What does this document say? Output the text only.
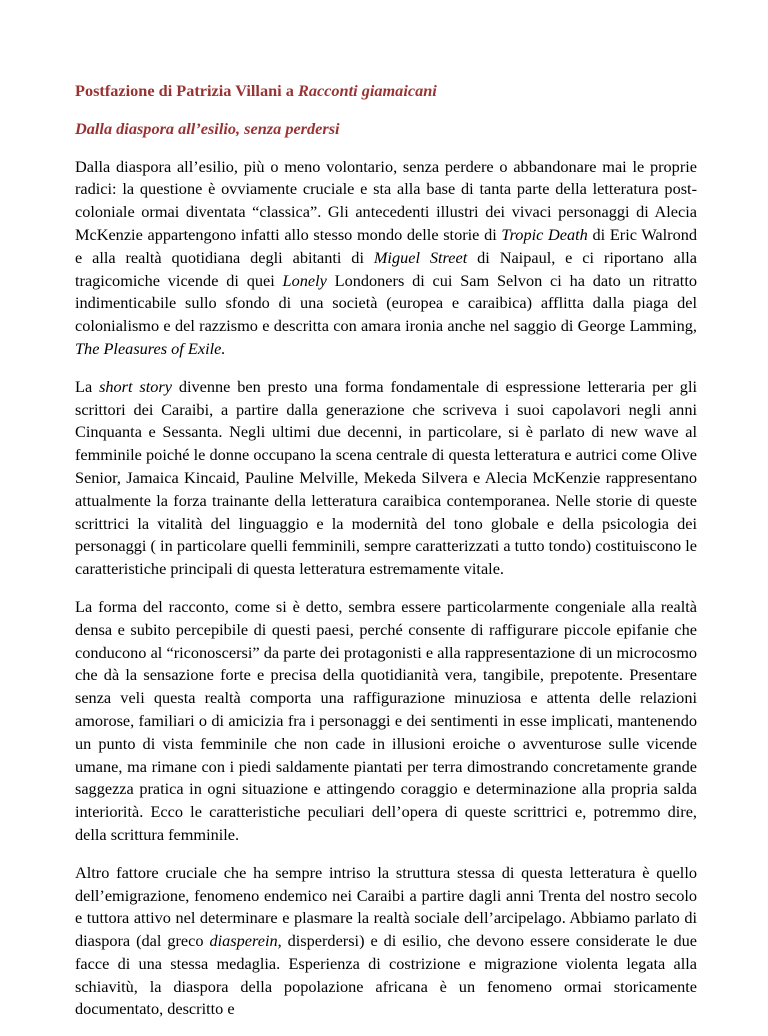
Postfazione di Patrizia Villani a Racconti giamaicani

Dalla diaspora all’esilio, senza perdersi

Dalla diaspora all’esilio, più o meno volontario, senza perdere o abbandonare mai le proprie radici: la questione è ovviamente cruciale e sta alla base di tanta parte della letteratura post-coloniale ormai diventata “classica”. Gli antecedenti illustri dei vivaci personaggi di Alecia McKenzie appartengono infatti allo stesso mondo delle storie di Tropic Death di Eric Walrond e alla realtà quotidiana degli abitanti di Miguel Street di Naipaul, e ci riportano alla tragicomiche vicende di quei Lonely Londoners di cui Sam Selvon ci ha dato un ritratto indimenticabile sullo sfondo di una società (europea e caraibica) afflitta dalla piaga del colonialismo e del razzismo e descritta con amara ironia anche nel saggio di George Lamming, The Pleasures of Exile.

La short story divenne ben presto una forma fondamentale di espressione letteraria per gli scrittori dei Caraibi, a partire dalla generazione che scriveva i suoi capolavori negli anni Cinquanta e Sessanta. Negli ultimi due decenni, in particolare, si è parlato di new wave al femminile poiché le donne occupano la scena centrale di questa letteratura e autrici come Olive Senior, Jamaica Kincaid, Pauline Melville, Mekeda Silvera e Alecia McKenzie rappresentano attualmente la forza trainante della letteratura caraibica contemporanea. Nelle storie di queste scrittrici la vitalità del linguaggio e la modernità del tono globale e della psicologia dei personaggi ( in particolare quelli femminili, sempre caratterizzati a tutto tondo) costituiscono le caratteristiche principali di questa letteratura estremamente vitale.

La forma del racconto, come si è detto, sembra essere particolarmente congeniale alla realtà densa e subito percepibile di questi paesi, perché consente di raffigurare piccole epifanie che conducono al “riconoscersi” da parte dei protagonisti e alla rappresentazione di un microcosmo che dà la sensazione forte e precisa della quotidianità vera, tangibile, prepotente. Presentare senza veli questa realtà comporta una raffigurazione minuziosa e attenta delle relazioni amorose, familiari o di amicizia fra i personaggi e dei sentimenti in esse implicati, mantenendo un punto di vista femminile che non cade in illusioni eroiche o avventurose sulle vicende umane, ma rimane con i piedi saldamente piantati per terra dimostrando concretamente grande saggezza pratica in ogni situazione e attingendo coraggio e determinazione alla propria salda interiorità. Ecco le caratteristiche peculiari dell’opera di queste scrittrici e, potremmo dire, della scrittura femminile.

Altro fattore cruciale che ha sempre intriso la struttura stessa di questa letteratura è quello dell’emigrazione, fenomeno endemico nei Caraibi a partire dagli anni Trenta del nostro secolo e tuttora attivo nel determinare e plasmare la realtà sociale dell’arcipelago. Abbiamo parlato di diaspora (dal greco diasperein, disperdersi) e di esilio, che devono essere considerate le due facce di una stessa medaglia. Esperienza di costrizione e migrazione violenta legata alla schiavitù, la diaspora della popolazione africana è un fenomeno ormai storicamente documentato, descritto e
